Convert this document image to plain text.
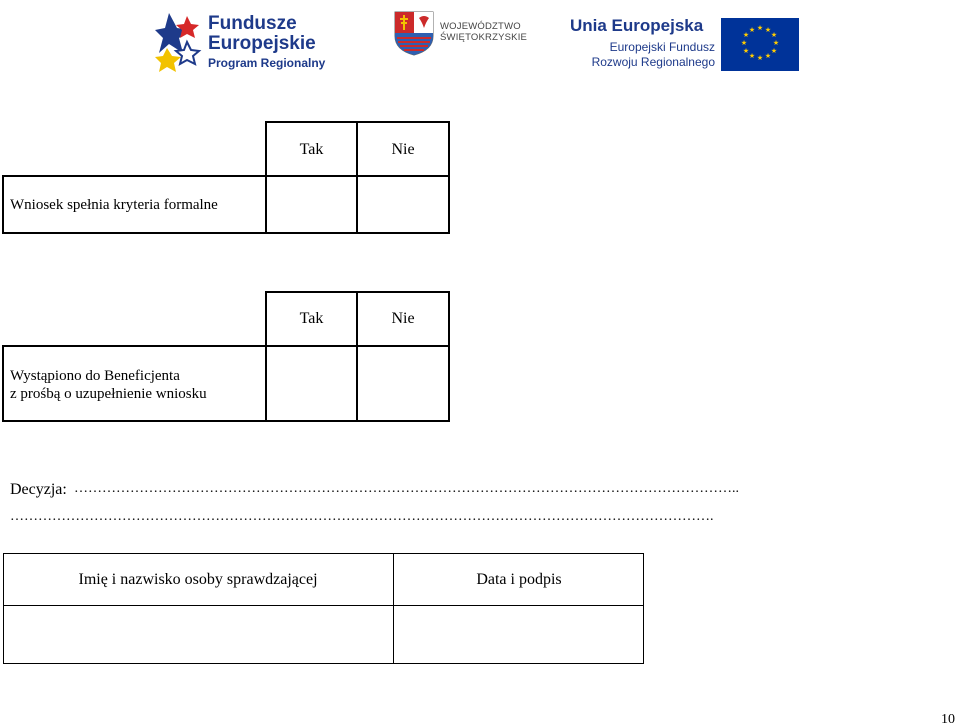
Fundusze
Europejskie
Program Regionalny
WOJEWÓDZTWO
ŚWIĘTOKRZYSKIE
Unia Europejska
Europejski Fundusz
Rozwoju Regionalnego
★ ★
★
★
★
★
★
★
★
★
★
★
Tak	Nie
Wniosek spełnia kryteria formalne
Tak	Nie
Wystąpiono do Beneficjenta
z prośbą o uzupełnienie wniosku
Decyzja: ……………………………………………………………………………………………………………………………..
…………………………………………………………………………………………………………………………………….
Imię i nazwisko osoby sprawdzającej	Data i podpis
10
